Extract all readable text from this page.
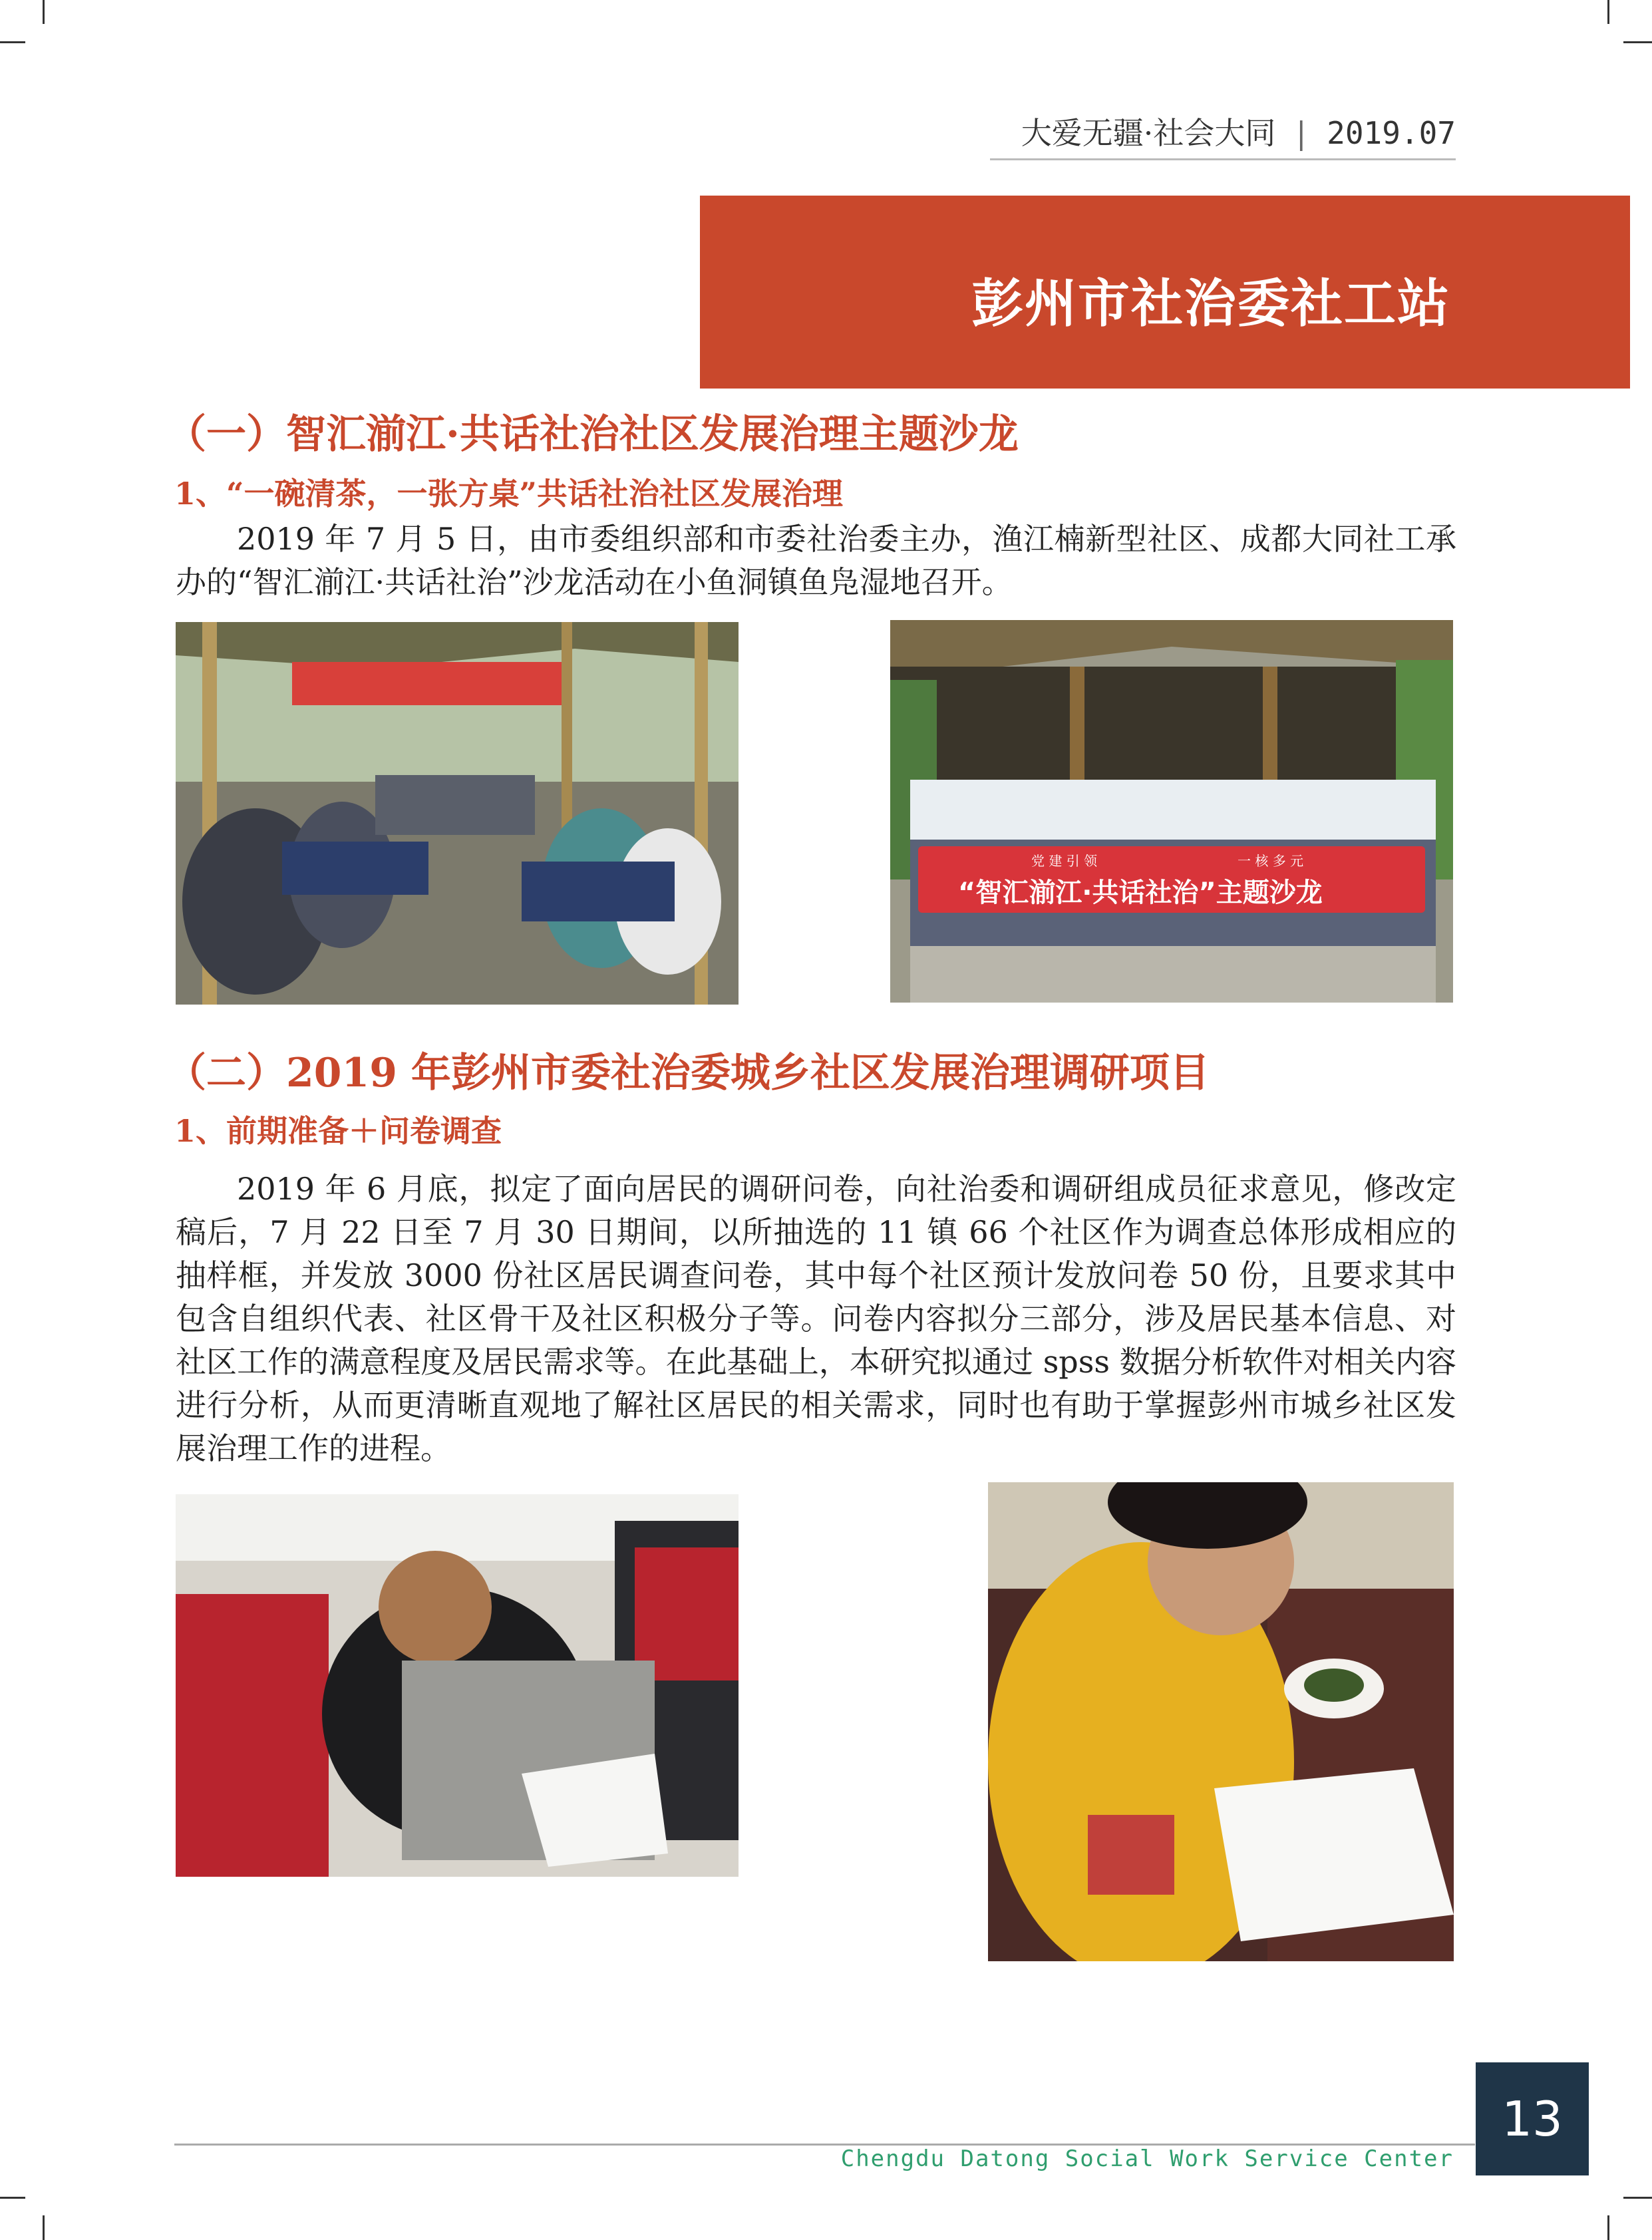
大爱无疆·社会大同 | 2019.07
彭州市社治委社工站
（一）智汇湔江·共话社治社区发展治理主题沙龙
1、“一碗清茶，一张方桌”共话社治社区发展治理

2019 年 7 月 5 日，由市委组织部和市委社治委主办，渔江楠新型社区、成都大同社工承办的“智汇湔江·共话社治”沙龙活动在小鱼洞镇鱼凫湿地召开。

党 建 引 领	一 核 多 元
“智汇湔江·共话社治”主题沙龙
（二）2019 年彭州市委社治委城乡社区发展治理调研项目
1、前期准备＋问卷调查

2019 年 6 月底，拟定了面向居民的调研问卷，向社治委和调研组成员征求意见，修改定稿后，7 月 22 日至 7 月 30 日期间，以所抽选的 11 镇 66 个社区作为调查总体形成相应的抽样框，并发放 3000 份社区居民调查问卷，其中每个社区预计发放问卷 50 份，且要求其中包含自组织代表、社区骨干及社区积极分子等。问卷内容拟分三部分，涉及居民基本信息、对社区工作的满意程度及居民需求等。在此基础上，本研究拟通过 spss 数据分析软件对相关内容进行分析，从而更清晰直观地了解社区居民的相关需求，同时也有助于掌握彭州市城乡社区发展治理工作的进程。

Chengdu Datong Social Work Service Center
13
